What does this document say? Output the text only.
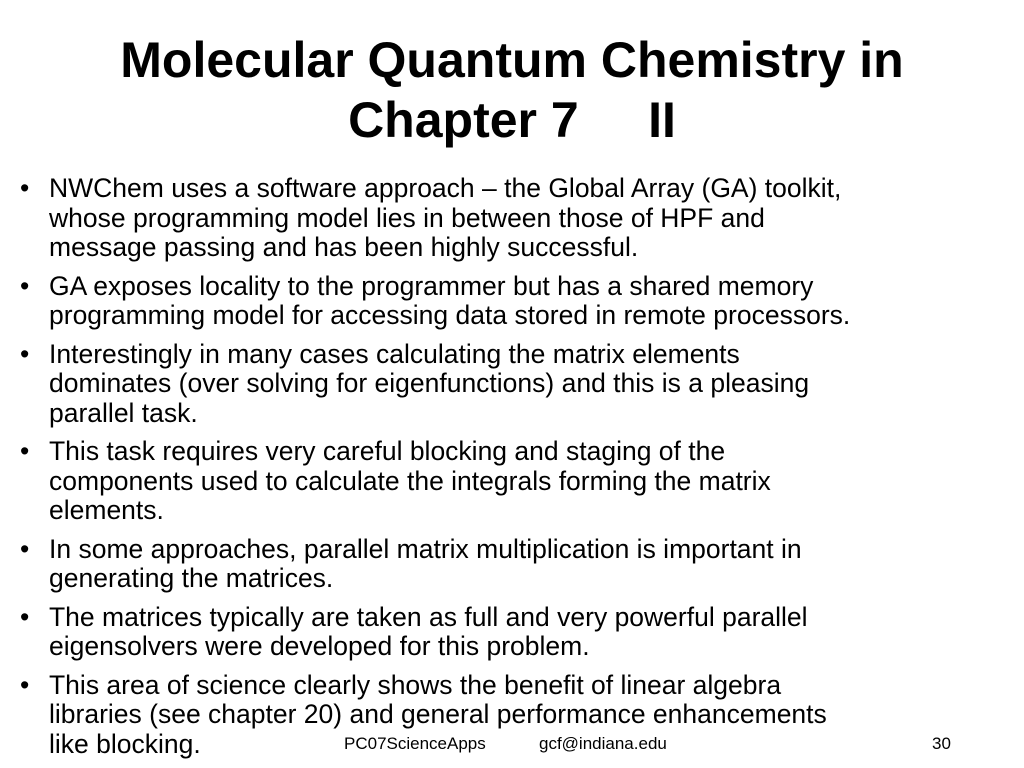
Molecular Quantum Chemistry in
Chapter 7     II
• NWChem uses a software approach – the Global Array (GA) toolkit,
whose programming model lies in between those of HPF and
message passing and has been highly successful.
• GA exposes locality to the programmer but has a shared memory
programming model for accessing data stored in remote processors.
• Interestingly in many cases calculating the matrix elements
dominates (over solving for eigenfunctions) and this is a pleasing
parallel task.
• This task requires very careful blocking and staging of the
components used to calculate the integrals forming the matrix
elements.
• In some approaches, parallel matrix multiplication is important in
generating the matrices.
• The matrices typically are taken as full and very powerful parallel
eigensolvers were developed for this problem.
• This area of science clearly shows the benefit of linear algebra
libraries (see chapter 20) and general performance enhancements
like blocking.	PC07ScienceApps	gcf@indiana.edu	30
